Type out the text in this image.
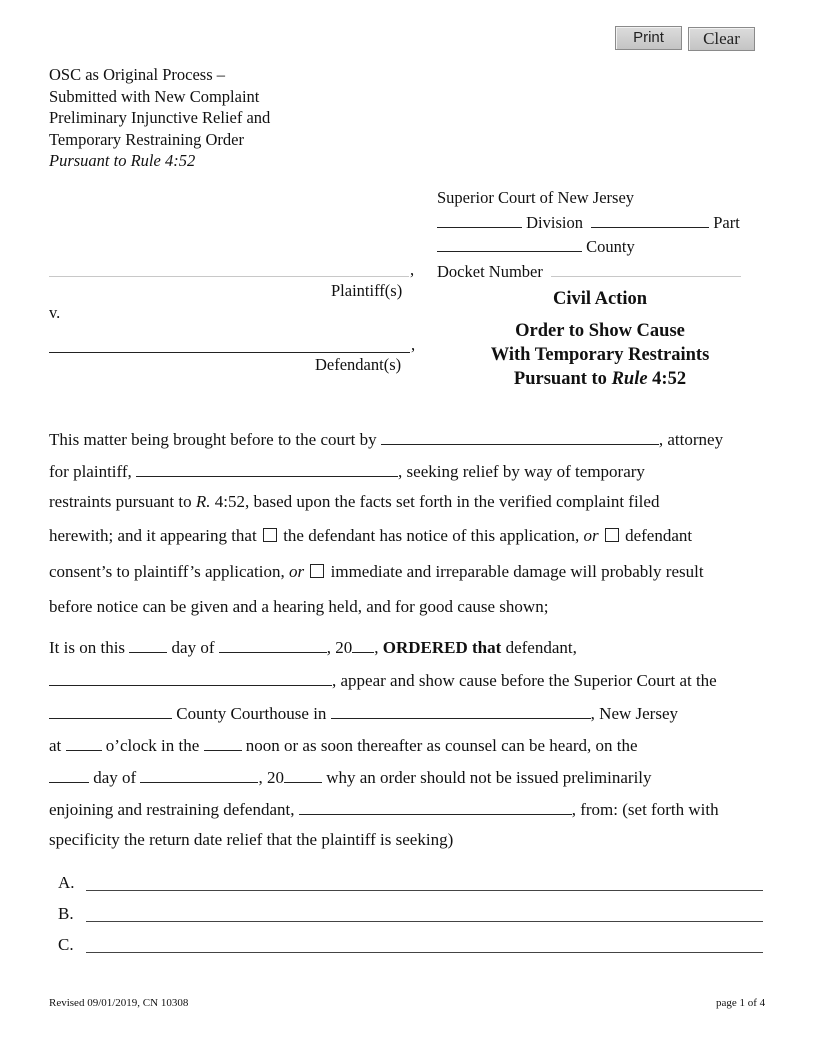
Print	Clear
OSC as Original Process –
Submitted with New Complaint
Preliminary Injunctive Relief and
Temporary Restraining Order
Pursuant to Rule 4:52
Superior Court of New Jersey
Division	Part
County
Docket Number
,
Plaintiff(s)
v.
,
Defendant(s)
Civil Action
Order to Show Cause
With Temporary Restraints
Pursuant to Rule 4:52
This matter being brought before to the court by	, attorney
for plaintiff,	, seeking relief by way of temporary
restraints pursuant to R. 4:52, based upon the facts set forth in the verified complaint filed
herewith; and it appearing that the defendant has notice of this application, or defendant
consent’s to plaintiff’s application, or immediate and irreparable damage will probably result
before notice can be given and a hearing held, and for good cause shown;
It is on this	day of	, 20 , ORDERED that defendant,
, appear and show cause before the Superior Court at the
County Courthouse in	, New Jersey
at	o’clock in the	noon or as soon thereafter as counsel can be heard, on the
day of	, 20 why an order should not be issued preliminarily
enjoining and restraining defendant,	, from: (set forth with
specificity the return date relief that the plaintiff is seeking)
A.
B.
C.
Revised 09/01/2019, CN 10308	page 1 of 4
